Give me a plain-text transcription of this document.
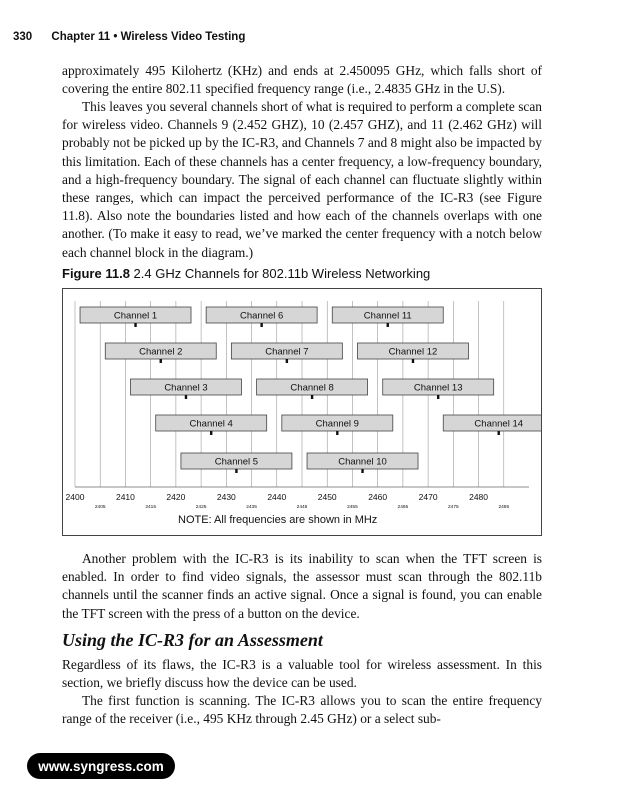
330 Chapter 11 • Wireless Video Testing

approximately 495 Kilohertz (KHz) and ends at 2.450095 GHz, which falls short of covering the entire 802.11 specified frequency range (i.e., 2.4835 GHz in the U.S).

This leaves you several channels short of what is required to perform a complete scan for wireless video. Channels 9 (2.452 GHZ), 10 (2.457 GHZ), and 11 (2.462 GHz) will probably not be picked up by the IC-R3, and Channels 7 and 8 might also be impacted by this limitation. Each of these channels has a center frequency, a low-frequency boundary, and a high-frequency boundary. The signal of each channel can fluctuate slightly within these ranges, which can impact the perceived performance of the IC-R3 (see Figure 11.8). Also note the boundaries listed and how each of the channels overlaps with one another. (To make it easy to read, we’ve marked the center frequency with a notch below each channel block in the diagram.)

Figure 11.8 2.4 GHz Channels for 802.11b Wireless Networking
Channel 1	Channel 6	Channel 11
Channel 2	Channel 7	Channel 12
Channel 3	Channel 8	Channel 13
Channel 4	Channel 9	Channel 14
Channel 5	Channel 10
2400	2410	2420	2430	2440	2450	2460	2470	2480
2405	2415	2425	2435	2445	2455	2465	2475	2485
NOTE: All frequencies are shown in MHz

Another problem with the IC-R3 is its inability to scan when the TFT screen is enabled. In order to find video signals, the assessor must scan through the 802.11b channels until the scanner finds an active signal. Once a signal is found, you can enable the TFT screen with the press of a button on the device.

Using the IC-R3 for an Assessment

Regardless of its flaws, the IC-R3 is a valuable tool for wireless assessment. In this section, we briefly discuss how the device can be used.

The first function is scanning. The IC-R3 allows you to scan the entire frequency range of the receiver (i.e., 495 KHz through 2.45 GHz) or a select sub-

www.syngress.com
